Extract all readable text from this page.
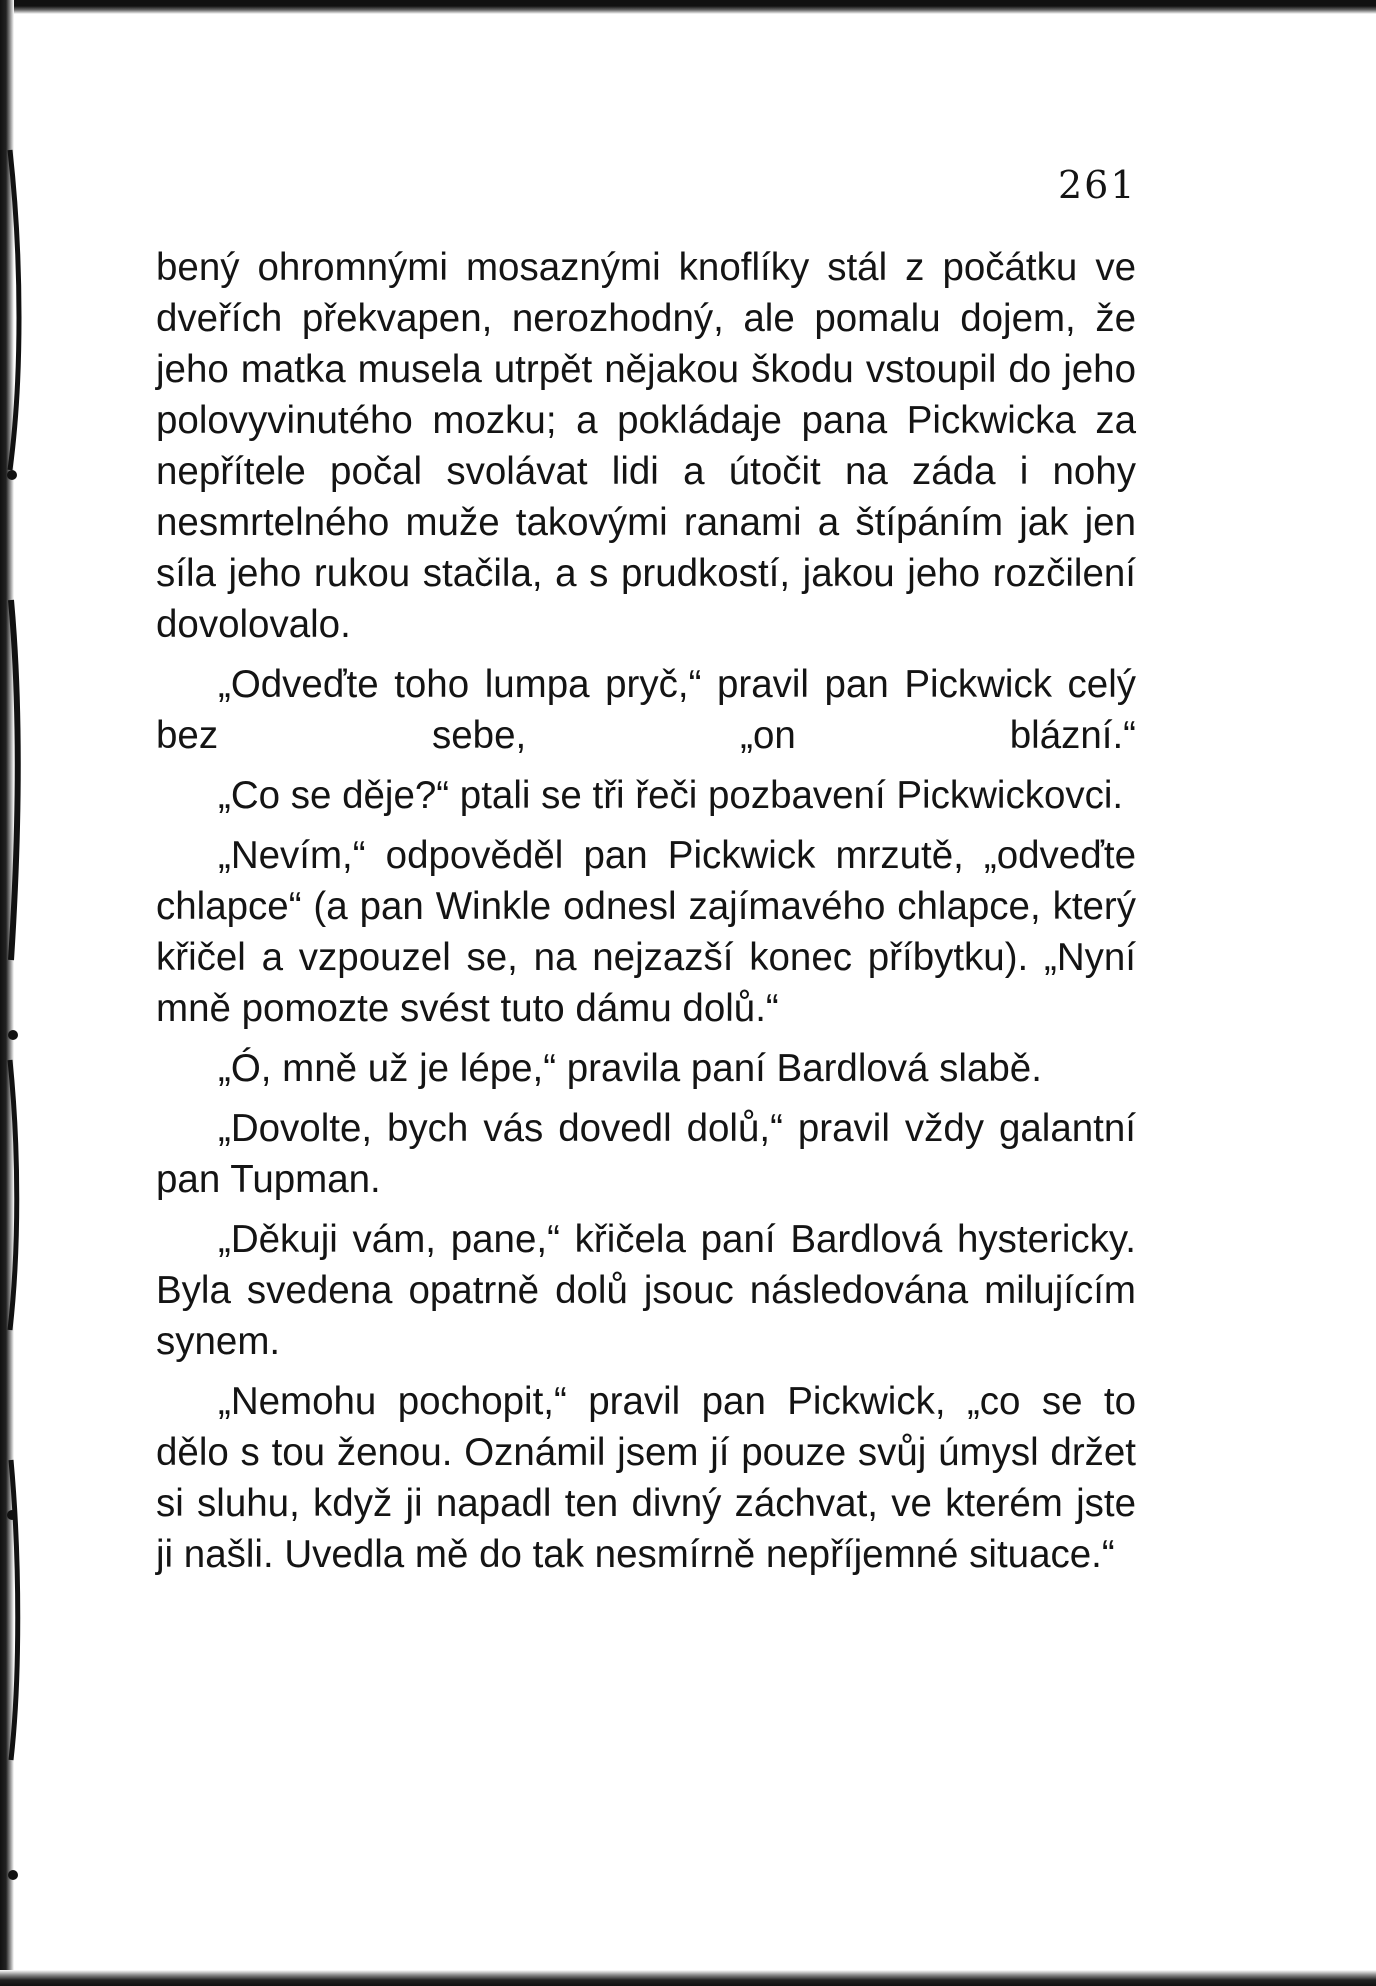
261

bený ohromnými mosaznými knoflíky stál z počátku ve dveřích překvapen, nerozhodný, ale pomalu dojem, že jeho matka musela utrpět nějakou škodu vstoupil do jeho polovyvinutého mozku; a pokládaje pana Pickwicka za nepřítele počal svolávat lidi a útočit na záda i nohy nesmrtelného muže takovými ranami a štípáním jak jen síla jeho rukou stačila, a s prudkostí, jakou jeho rozčilení dovolovalo.

„Odveďte toho lumpa pryč,“ pravil pan Pickwick celý bez sebe, „on blázní.“

„Co se děje?“ ptali se tři řeči pozbavení Pickwickovci.

„Nevím,“ odpověděl pan Pickwick mrzutě, „odveďte chlapce“ (a pan Winkle odnesl zajímavého chlapce, který křičel a vzpouzel se, na nejzazší konec příbytku). „Nyní mně pomozte svést tuto dámu dolů.“

„Ó, mně už je lépe,“ pravila paní Bardlová slabě.

„Dovolte, bych vás dovedl dolů,“ pravil vždy galantní pan Tupman.

„Děkuji vám, pane,“ křičela paní Bardlová hystericky. Byla svedena opatrně dolů jsouc následována milujícím synem.

„Nemohu pochopit,“ pravil pan Pickwick, „co se to dělo s tou ženou. Oznámil jsem jí pouze svůj úmysl držet si sluhu, když ji napadl ten divný záchvat, ve kterém jste ji našli. Uvedla mě do tak nesmírně nepříjemné situace.“
